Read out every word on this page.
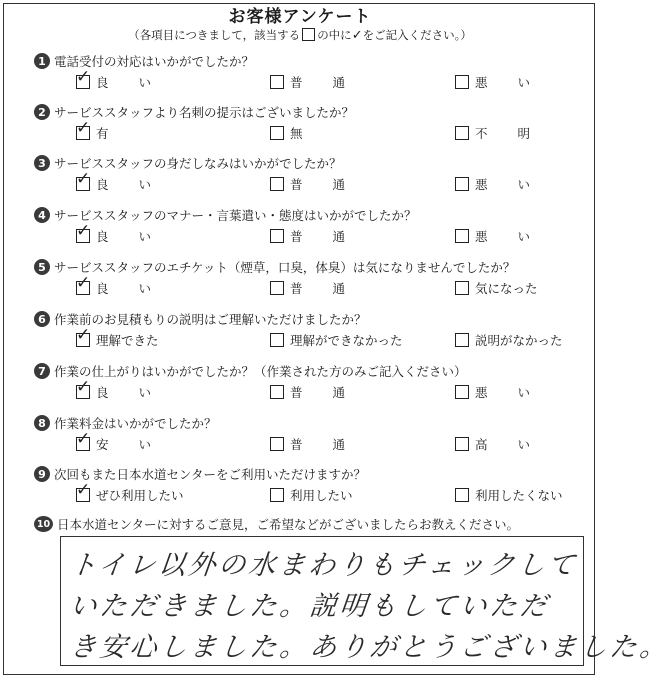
お客様アンケート
（各項目につきまして，該当する の中に✓をご記入ください。）
1 電話受付の対応はいかがでしたか？
✓ 良い	普通	悪い
2 サービススタッフより名刺の提示はございましたか？
✓ 有	無	不明
3 サービススタッフの身だしなみはいかがでしたか？
✓ 良い	普通	悪い
4 サービススタッフのマナー・言葉遣い・態度はいかがでしたか？
✓ 良い	普通	悪い
5 サービススタッフのエチケット（煙草，口臭，体臭）は気になりませんでしたか？
✓ 良い	普通	気になった
6 作業前のお見積もりの説明はご理解いただけましたか？
✓ 理解できた	理解ができなかった	説明がなかった
7 作業の仕上がりはいかがでしたか？（作業された方のみご記入ください）
✓ 良い	普通	悪い
8 作業料金はいかがでしたか？
✓ 安い	普通	高い
9 次回もまた日本水道センターをご利用いただけますか？
✓ ぜひ利用したい	利用したい	利用したくない
10 日本水道センターに対するご意見，ご希望などがございましたらお教えください。
トイレ以外の水まわりもチェックして
いただきました。説明もしていただ
き安心しました。ありがとうございました。
